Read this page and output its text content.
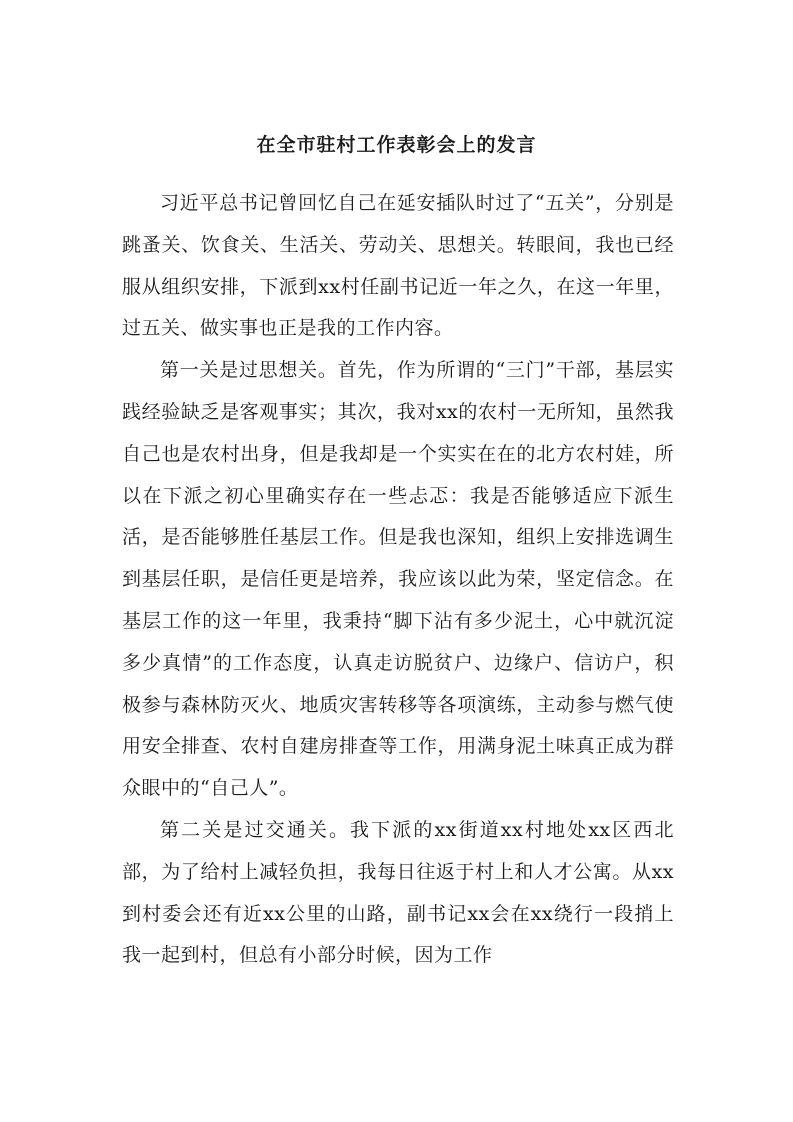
在全市驻村工作表彰会上的发言

习近平总书记曾回忆自己在延安插队时过了“五关”，分别是跳蚤关、饮食关、生活关、劳动关、思想关。转眼间，我也已经服从组织安排，下派到xx村任副书记近一年之久，在这一年里，过五关、做实事也正是我的工作内容。

第一关是过思想关。首先，作为所谓的“三门”干部，基层实践经验缺乏是客观事实；其次，我对xx的农村一无所知，虽然我自己也是农村出身，但是我却是一个实实在在的北方农村娃，所以在下派之初心里确实存在一些忐忑：我是否能够适应下派生活，是否能够胜任基层工作。但是我也深知，组织上安排选调生到基层任职，是信任更是培养，我应该以此为荣，坚定信念。在基层工作的这一年里，我秉持“脚下沾有多少泥土，心中就沉淀多少真情”的工作态度，认真走访脱贫户、边缘户、信访户，积极参与森林防灭火、地质灾害转移等各项演练，主动参与燃气使用安全排查、农村自建房排查等工作，用满身泥土味真正成为群众眼中的“自己人”。

第二关是过交通关。我下派的xx街道xx村地处xx区西北部，为了给村上减轻负担，我每日往返于村上和人才公寓。从xx到村委会还有近xx公里的山路，副书记xx会在xx绕行一段捎上我一起到村，但总有小部分时候，因为工作
